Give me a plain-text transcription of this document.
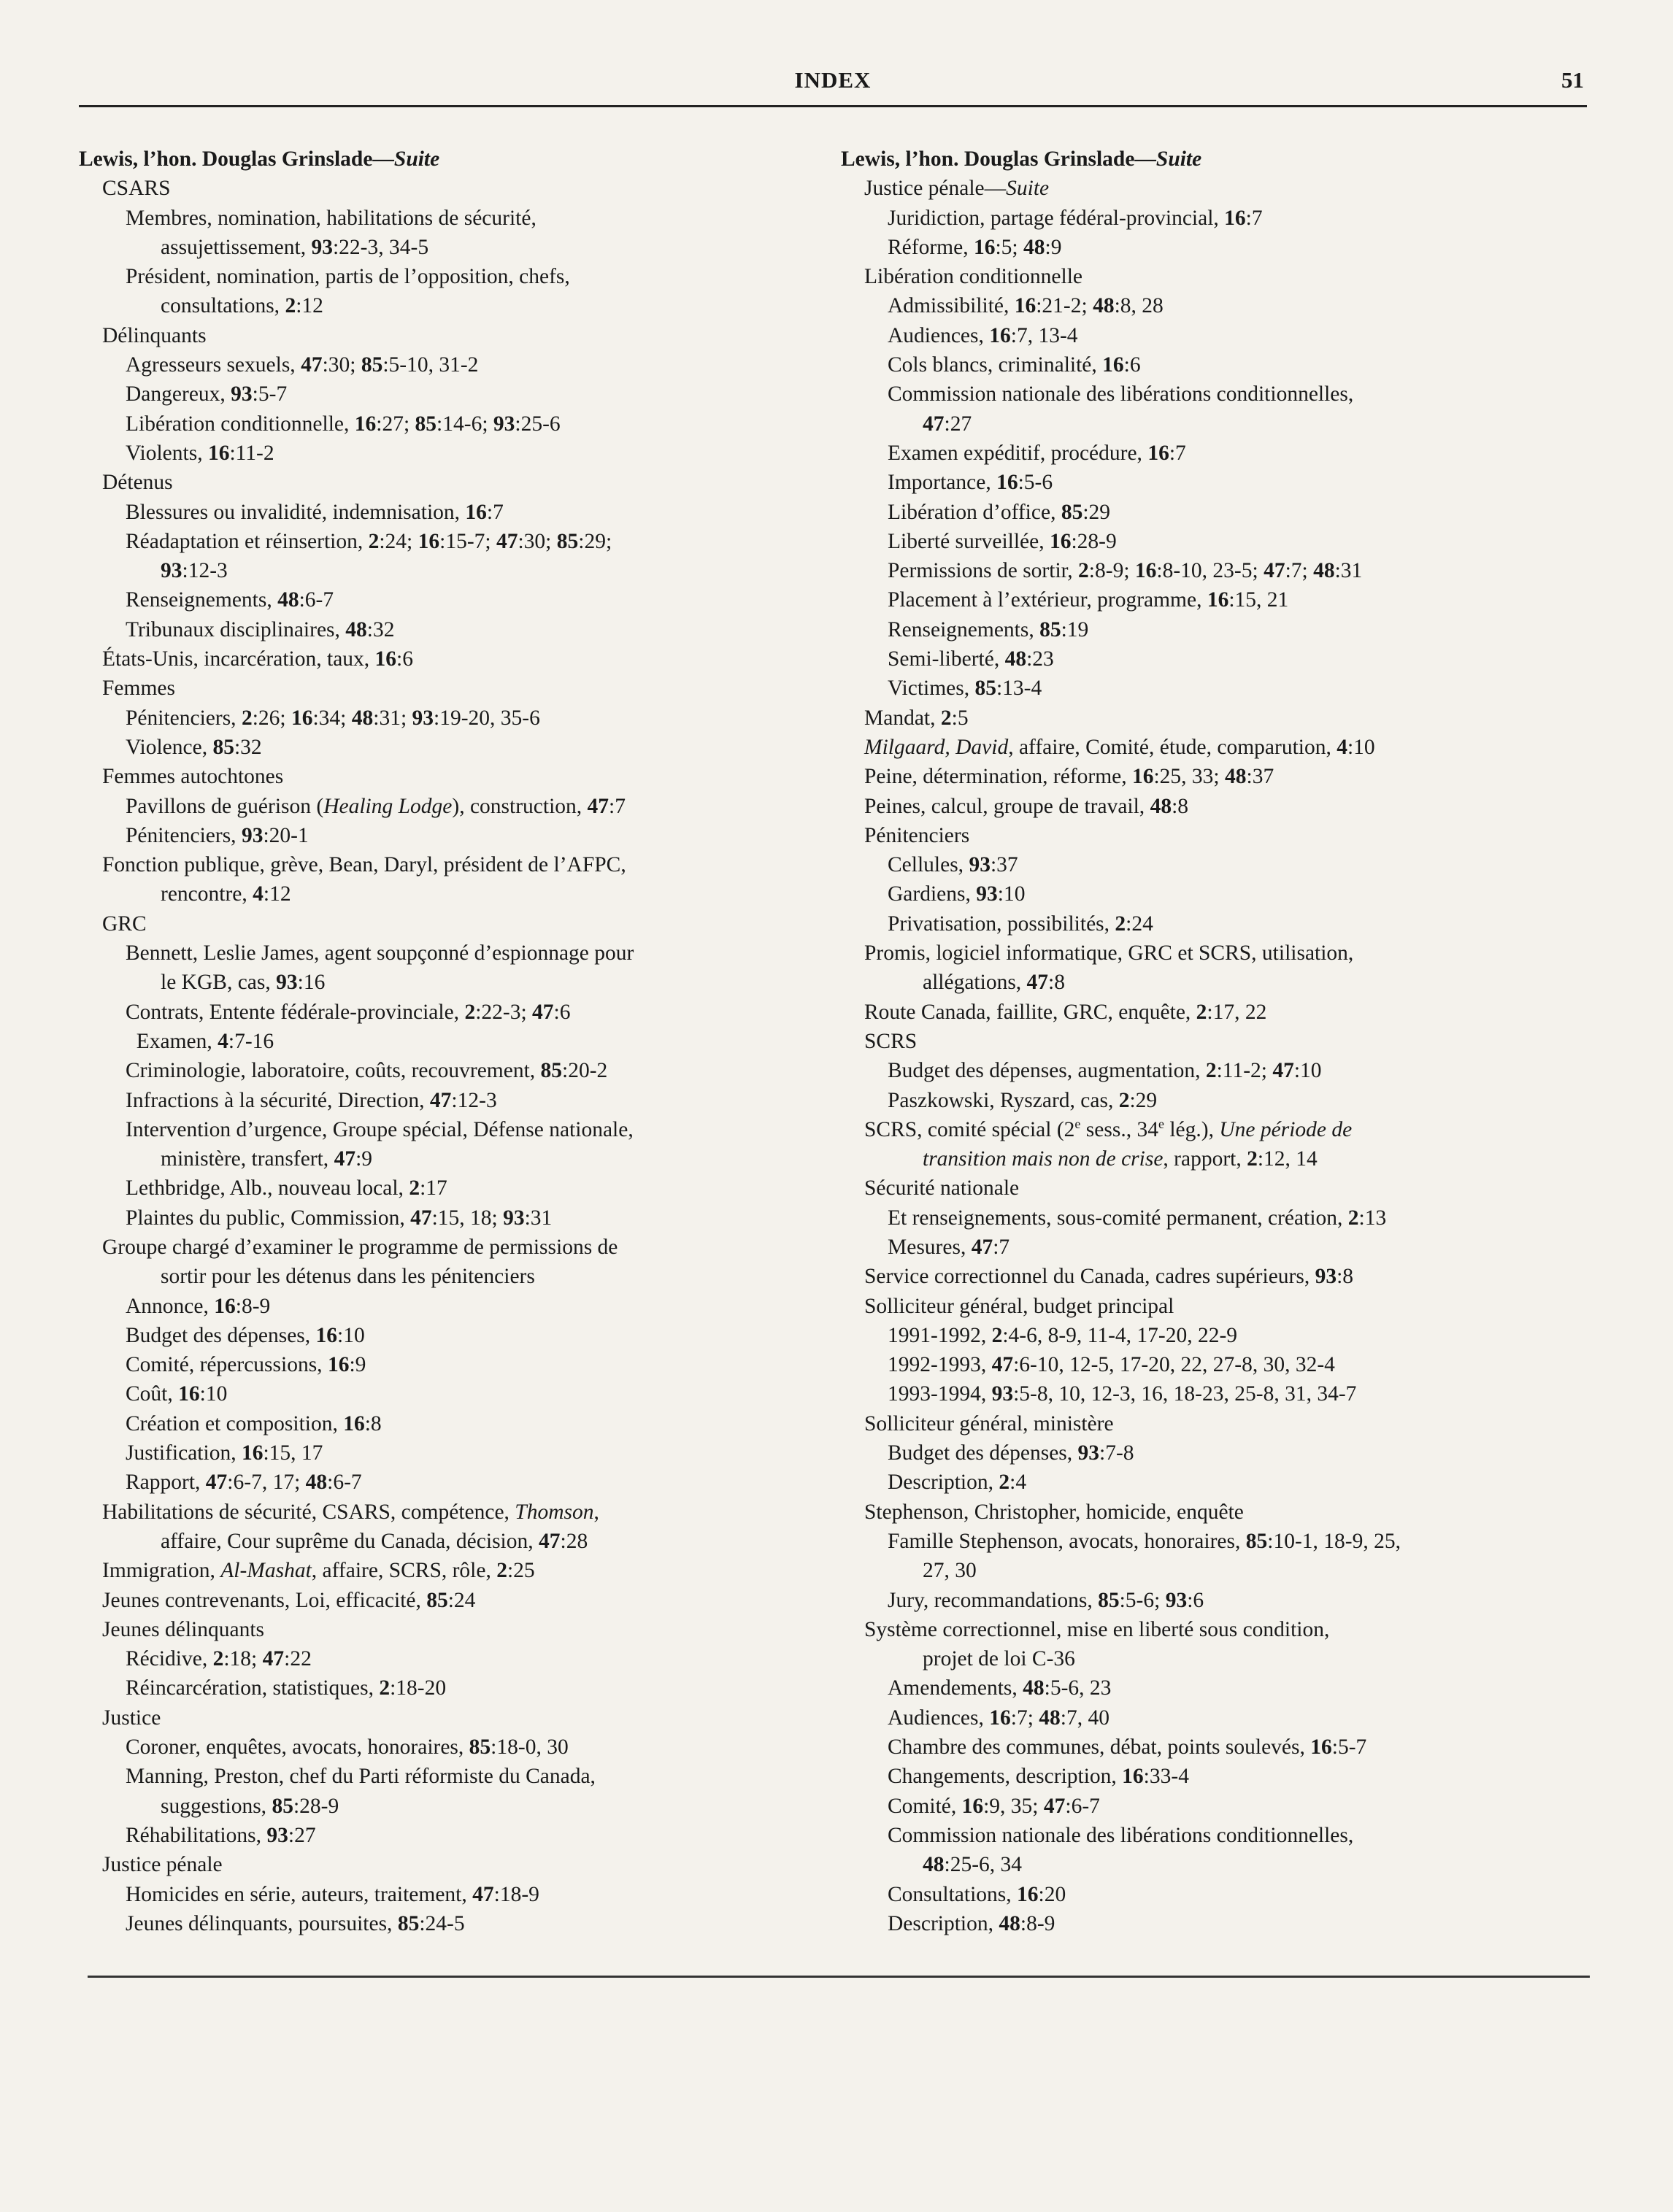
INDEX	51
Lewis, l’hon. Douglas Grinslade—Suite
CSARS
Membres, nomination, habilitations de sécurité,
assujettissement, 93:22-3, 34-5
Président, nomination, partis de l’opposition, chefs,
consultations, 2:12
Délinquants
Agresseurs sexuels, 47:30; 85:5-10, 31-2
Dangereux, 93:5-7
Libération conditionnelle, 16:27; 85:14-6; 93:25-6
Violents, 16:11-2
Détenus
Blessures ou invalidité, indemnisation, 16:7
Réadaptation et réinsertion, 2:24; 16:15-7; 47:30; 85:29;
93:12-3
Renseignements, 48:6-7
Tribunaux disciplinaires, 48:32
États-Unis, incarcération, taux, 16:6
Femmes
Pénitenciers, 2:26; 16:34; 48:31; 93:19-20, 35-6
Violence, 85:32
Femmes autochtones
Pavillons de guérison (Healing Lodge), construction, 47:7
Pénitenciers, 93:20-1
Fonction publique, grève, Bean, Daryl, président de l’AFPC,
rencontre, 4:12
GRC
Bennett, Leslie James, agent soupçonné d’espionnage pour
le KGB, cas, 93:16
Contrats, Entente fédérale-provinciale, 2:22-3; 47:6
Examen, 4:7-16
Criminologie, laboratoire, coûts, recouvrement, 85:20-2
Infractions à la sécurité, Direction, 47:12-3
Intervention d’urgence, Groupe spécial, Défense nationale,
ministère, transfert, 47:9
Lethbridge, Alb., nouveau local, 2:17
Plaintes du public, Commission, 47:15, 18; 93:31
Groupe chargé d’examiner le programme de permissions de
sortir pour les détenus dans les pénitenciers
Annonce, 16:8-9
Budget des dépenses, 16:10
Comité, répercussions, 16:9
Coût, 16:10
Création et composition, 16:8
Justification, 16:15, 17
Rapport, 47:6-7, 17; 48:6-7
Habilitations de sécurité, CSARS, compétence, Thomson,
affaire, Cour suprême du Canada, décision, 47:28
Immigration, Al-Mashat, affaire, SCRS, rôle, 2:25
Jeunes contrevenants, Loi, efficacité, 85:24
Jeunes délinquants
Récidive, 2:18; 47:22
Réincarcération, statistiques, 2:18-20
Justice
Coroner, enquêtes, avocats, honoraires, 85:18-0, 30
Manning, Preston, chef du Parti réformiste du Canada,
suggestions, 85:28-9
Réhabilitations, 93:27
Justice pénale
Homicides en série, auteurs, traitement, 47:18-9
Jeunes délinquants, poursuites, 85:24-5
Lewis, l’hon. Douglas Grinslade—Suite
Justice pénale—Suite
Juridiction, partage fédéral-provincial, 16:7
Réforme, 16:5; 48:9
Libération conditionnelle
Admissibilité, 16:21-2; 48:8, 28
Audiences, 16:7, 13-4
Cols blancs, criminalité, 16:6
Commission nationale des libérations conditionnelles,
47:27
Examen expéditif, procédure, 16:7
Importance, 16:5-6
Libération d’office, 85:29
Liberté surveillée, 16:28-9
Permissions de sortir, 2:8-9; 16:8-10, 23-5; 47:7; 48:31
Placement à l’extérieur, programme, 16:15, 21
Renseignements, 85:19
Semi-liberté, 48:23
Victimes, 85:13-4
Mandat, 2:5
Milgaard, David, affaire, Comité, étude, comparution, 4:10
Peine, détermination, réforme, 16:25, 33; 48:37
Peines, calcul, groupe de travail, 48:8
Pénitenciers
Cellules, 93:37
Gardiens, 93:10
Privatisation, possibilités, 2:24
Promis, logiciel informatique, GRC et SCRS, utilisation,
allégations, 47:8
Route Canada, faillite, GRC, enquête, 2:17, 22
SCRS
Budget des dépenses, augmentation, 2:11-2; 47:10
Paszkowski, Ryszard, cas, 2:29
SCRS, comité spécial (2e sess., 34e lég.), Une période de
transition mais non de crise, rapport, 2:12, 14
Sécurité nationale
Et renseignements, sous-comité permanent, création, 2:13
Mesures, 47:7
Service correctionnel du Canada, cadres supérieurs, 93:8
Solliciteur général, budget principal
1991-1992, 2:4-6, 8-9, 11-4, 17-20, 22-9
1992-1993, 47:6-10, 12-5, 17-20, 22, 27-8, 30, 32-4
1993-1994, 93:5-8, 10, 12-3, 16, 18-23, 25-8, 31, 34-7
Solliciteur général, ministère
Budget des dépenses, 93:7-8
Description, 2:4
Stephenson, Christopher, homicide, enquête
Famille Stephenson, avocats, honoraires, 85:10-1, 18-9, 25,
27, 30
Jury, recommandations, 85:5-6; 93:6
Système correctionnel, mise en liberté sous condition,
projet de loi C-36
Amendements, 48:5-6, 23
Audiences, 16:7; 48:7, 40
Chambre des communes, débat, points soulevés, 16:5-7
Changements, description, 16:33-4
Comité, 16:9, 35; 47:6-7
Commission nationale des libérations conditionnelles,
48:25-6, 34
Consultations, 16:20
Description, 48:8-9
